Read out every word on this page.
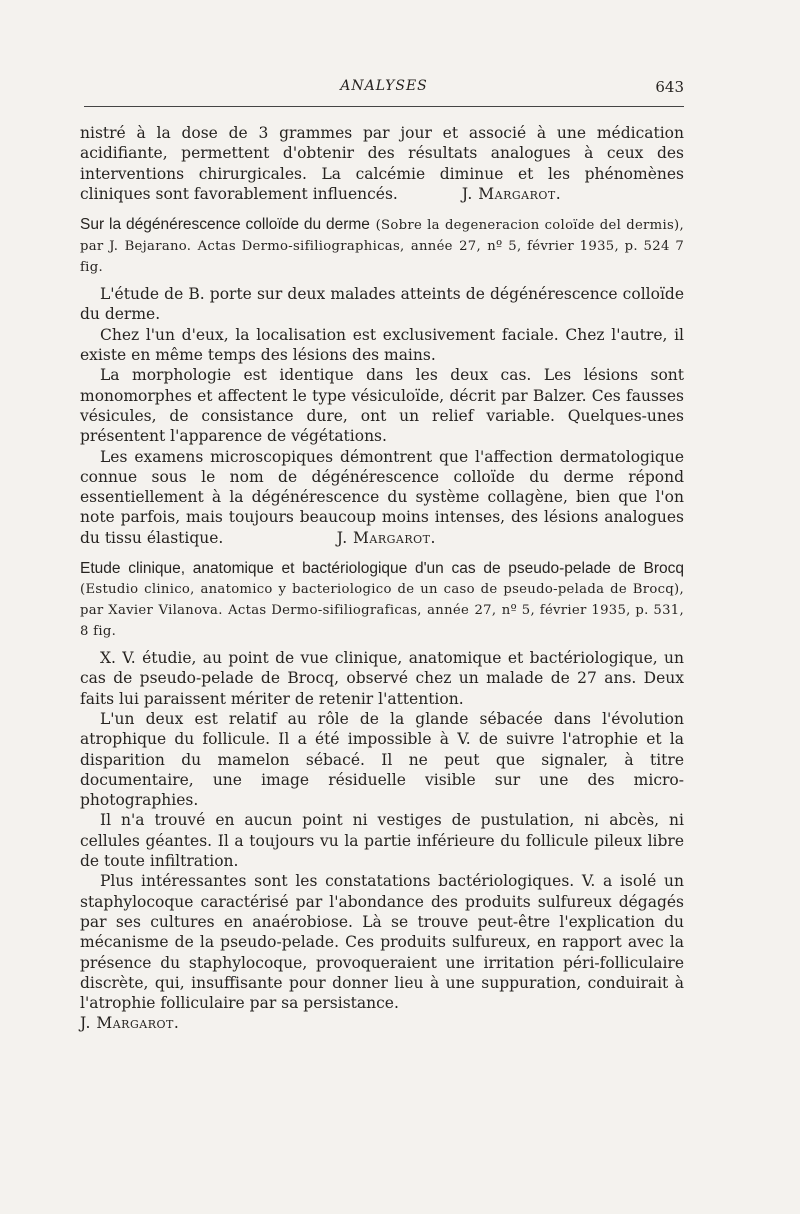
ANALYSES	643

nistré à la dose de 3 grammes par jour et associé à une médication acidifiante, permettent d'obtenir des résultats analogues à ceux des interventions chirurgicales. La calcémie diminue et les phénomènes cliniques sont favorablement influencés.	J. Margarot.

Sur la dégénérescence colloïde du derme (Sobre la degeneracion coloïde del dermis), par J. Bejarano. Actas Dermo-sifiliographicas, année 27, nº 5, février 1935, p. 524 7 fig.

L'étude de B. porte sur deux malades atteints de dégénérescence colloïde du derme.

Chez l'un d'eux, la localisation est exclusivement faciale. Chez l'autre, il existe en même temps des lésions des mains.

La morphologie est identique dans les deux cas. Les lésions sont monomorphes et affectent le type vésiculoïde, décrit par Balzer. Ces fausses vésicules, de consistance dure, ont un relief variable. Quelques-unes présentent l'apparence de végétations.

Les examens microscopiques démontrent que l'affection dermatologique connue sous le nom de dégénérescence colloïde du derme répond essentiellement à la dégénérescence du système collagène, bien que l'on note parfois, mais toujours beaucoup moins intenses, des lésions analogues du tissu élastique.	J. Margarot.

Etude clinique, anatomique et bactériologique d'un cas de pseudo-pelade de Brocq (Estudio clinico, anatomico y bacteriologico de un caso de pseudo-pelada de Brocq), par Xavier Vilanova. Actas Dermo-sifiliograficas, année 27, nº 5, février 1935, p. 531, 8 fig.

X. V. étudie, au point de vue clinique, anatomique et bactériologique, un cas de pseudo-pelade de Brocq, observé chez un malade de 27 ans. Deux faits lui paraissent mériter de retenir l'attention.

L'un deux est relatif au rôle de la glande sébacée dans l'évolution atrophique du follicule. Il a été impossible à V. de suivre l'atrophie et la disparition du mamelon sébacé. Il ne peut que signaler, à titre documentaire, une image résiduelle visible sur une des micro-photographies.

Il n'a trouvé en aucun point ni vestiges de pustulation, ni abcès, ni cellules géantes. Il a toujours vu la partie inférieure du follicule pileux libre de toute infiltration.

Plus intéressantes sont les constatations bactériologiques. V. a isolé un staphylocoque caractérisé par l'abondance des produits sulfureux dégagés par ses cultures en anaérobiose. Là se trouve peut-être l'explication du mécanisme de la pseudo-pelade. Ces produits sulfureux, en rapport avec la présence du staphylocoque, provoqueraient une irritation péri-folliculaire discrète, qui, insuffisante pour donner lieu à une suppuration, conduirait à l'atrophie folliculaire par sa persistance.

J. Margarot.
